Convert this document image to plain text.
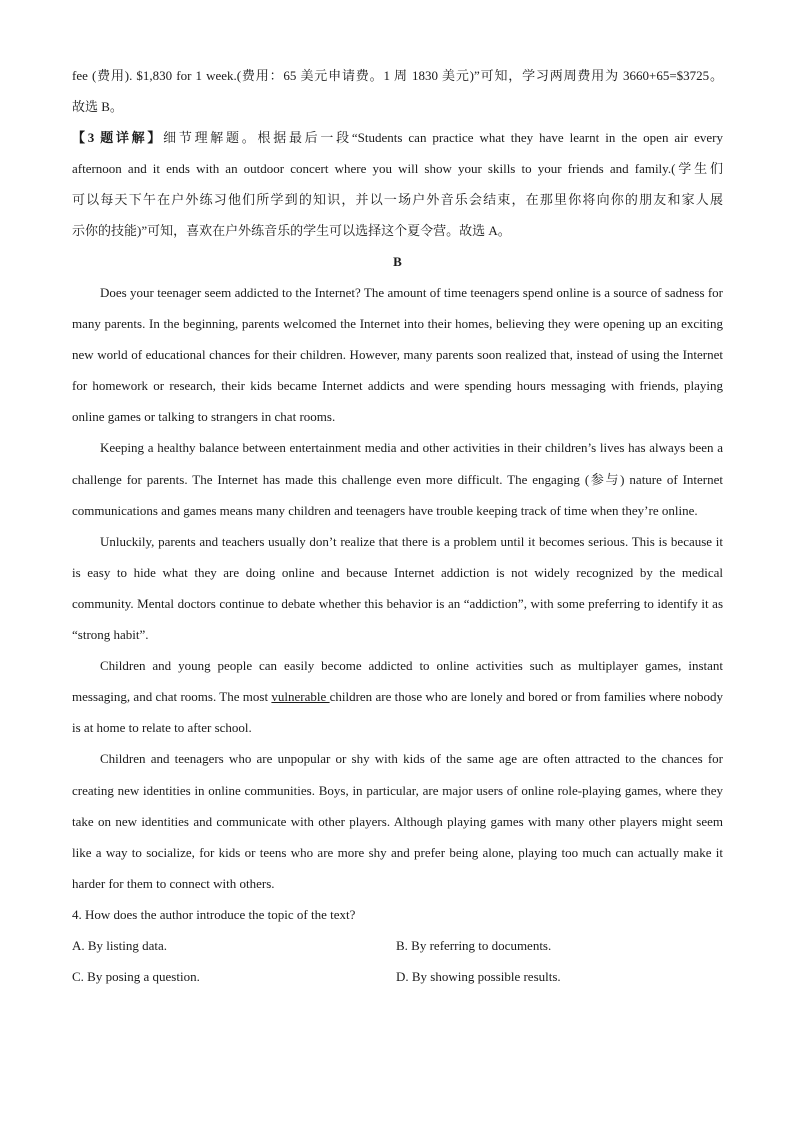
fee (费用). $1,830 for 1 week.(费用：65 美元申请费。1 周 1830 美元)”可知，学习两周费用为 3660+65=$3725。

故选 B。

【3 题详解】细节理解题。根据最后一段“Students can practice what they have learnt in the open air every

afternoon and it ends with an outdoor concert where you will show your skills to your friends and family.(学生们

可以每天下午在户外练习他们所学到的知识，并以一场户外音乐会结束，在那里你将向你的朋友和家人展

示你的技能)”可知，喜欢在户外练音乐的学生可以选择这个夏令营。故选 A。

B

Does your teenager seem addicted to the Internet? The amount of time teenagers spend online is a source of sadness for many parents. In the beginning, parents welcomed the Internet into their homes, believing they were opening up an exciting new world of educational chances for their children. However, many parents soon realized that, instead of using the Internet for homework or research, their kids became Internet addicts and were spending hours messaging with friends, playing online games or talking to strangers in chat rooms.

Keeping a healthy balance between entertainment media and other activities in their children’s lives has always been a challenge for parents. The Internet has made this challenge even more difficult. The engaging (参与) nature of Internet communications and games means many children and teenagers have trouble keeping track of time when they’re online.

Unluckily, parents and teachers usually don’t realize that there is a problem until it becomes serious. This is because it is easy to hide what they are doing online and because Internet addiction is not widely recognized by the medical community. Mental doctors continue to debate whether this behavior is an “addiction”, with some preferring to identify it as “strong habit”.

Children and young people can easily become addicted to online activities such as multiplayer games, instant messaging, and chat rooms. The most vulnerable children are those who are lonely and bored or from families where nobody is at home to relate to after school.

Children and teenagers who are unpopular or shy with kids of the same age are often attracted to the chances for creating new identities in online communities. Boys, in particular, are major users of online role-playing games, where they take on new identities and communicate with other players. Although playing games with many other players might seem like a way to socialize, for kids or teens who are more shy and prefer being alone, playing too much can actually make it harder for them to connect with others.

4. How does the author introduce the topic of the text?

A. By listing data.	B. By referring to documents.
C. By posing a question.	D. By showing possible results.
